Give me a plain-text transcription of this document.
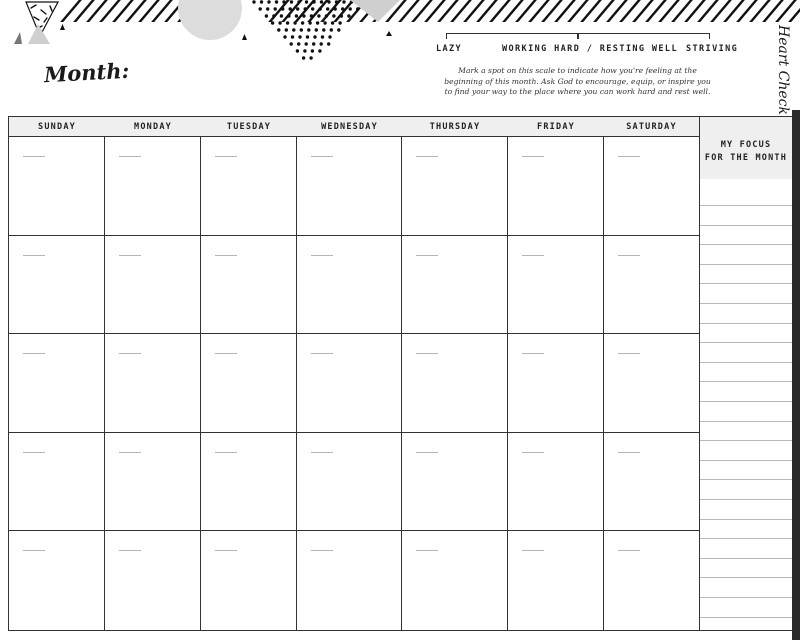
Month:
LAZY	WORKING HARD / RESTING WELL STRIVING
Mark a spot on this scale to indicate how you're feeling at the beginning of this month. Ask God to encourage, equip, or inspire you to find your way to the place where you can work hard and rest well.	Heart Check
SUNDAY	MONDAY	TUESDAY	WEDNESDAY	THURSDAY	FRIDAY	SATURDAY
MY FOCUS
FOR THE MONTH
